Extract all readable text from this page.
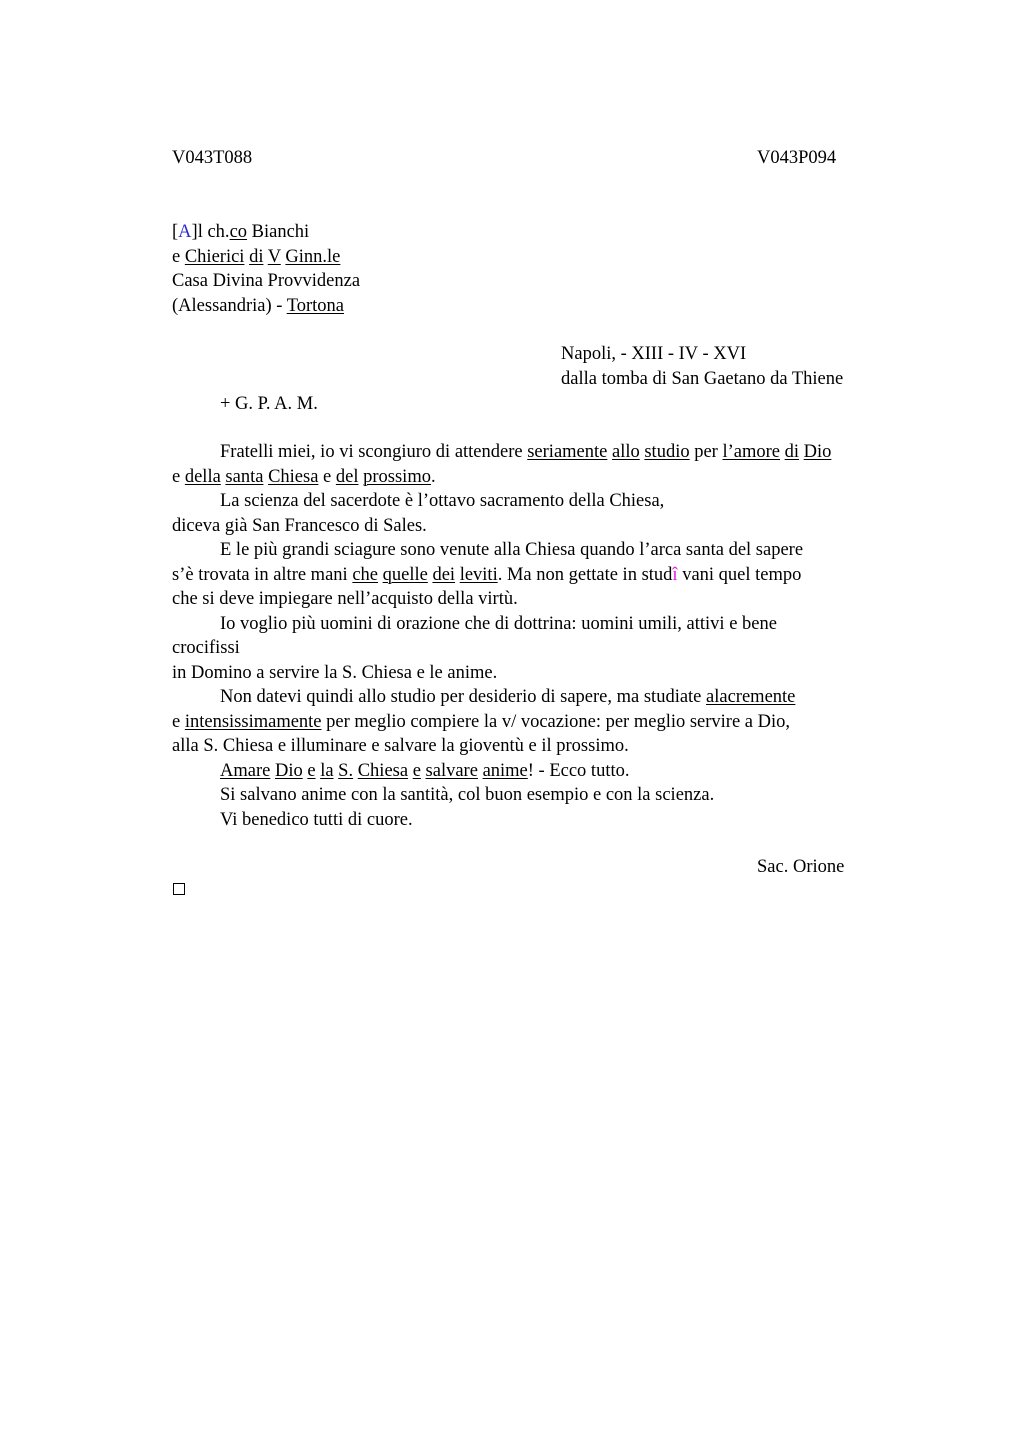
V043T088	V043P094
[A]l ch.co Bianchi
e Chierici di V Ginn.le
Casa Divina Provvidenza
(Alessandria) - Tortona
Napoli, - XIII - IV - XVI
dalla tomba di San Gaetano da Thiene
+ G. P. A. M.
Fratelli miei, io vi scongiuro di attendere seriamente allo studio per l’amore di Dio
e della santa Chiesa e del prossimo.
La scienza del sacerdote è l’ottavo sacramento della Chiesa,
diceva già San Francesco di Sales.
E le più grandi sciagure sono venute alla Chiesa quando l’arca santa del sapere
s’è trovata in altre mani che quelle dei leviti. Ma non gettate in studî vani quel tempo
che si deve impiegare nell’acquisto della virtù.
Io voglio più uomini di orazione che di dottrina: uomini umili, attivi e bene
crocifissi
in Domino a servire la S. Chiesa e le anime.
Non datevi quindi allo studio per desiderio di sapere, ma studiate alacremente
e intensissimamente per meglio compiere la v/ vocazione: per meglio servire a Dio,
alla S. Chiesa e illuminare e salvare la gioventù e il prossimo.
Amare Dio e la S. Chiesa e salvare anime! - Ecco tutto.
Si salvano anime con la santità, col buon esempio e con la scienza.
Vi benedico tutti di cuore.
Sac. Orione
